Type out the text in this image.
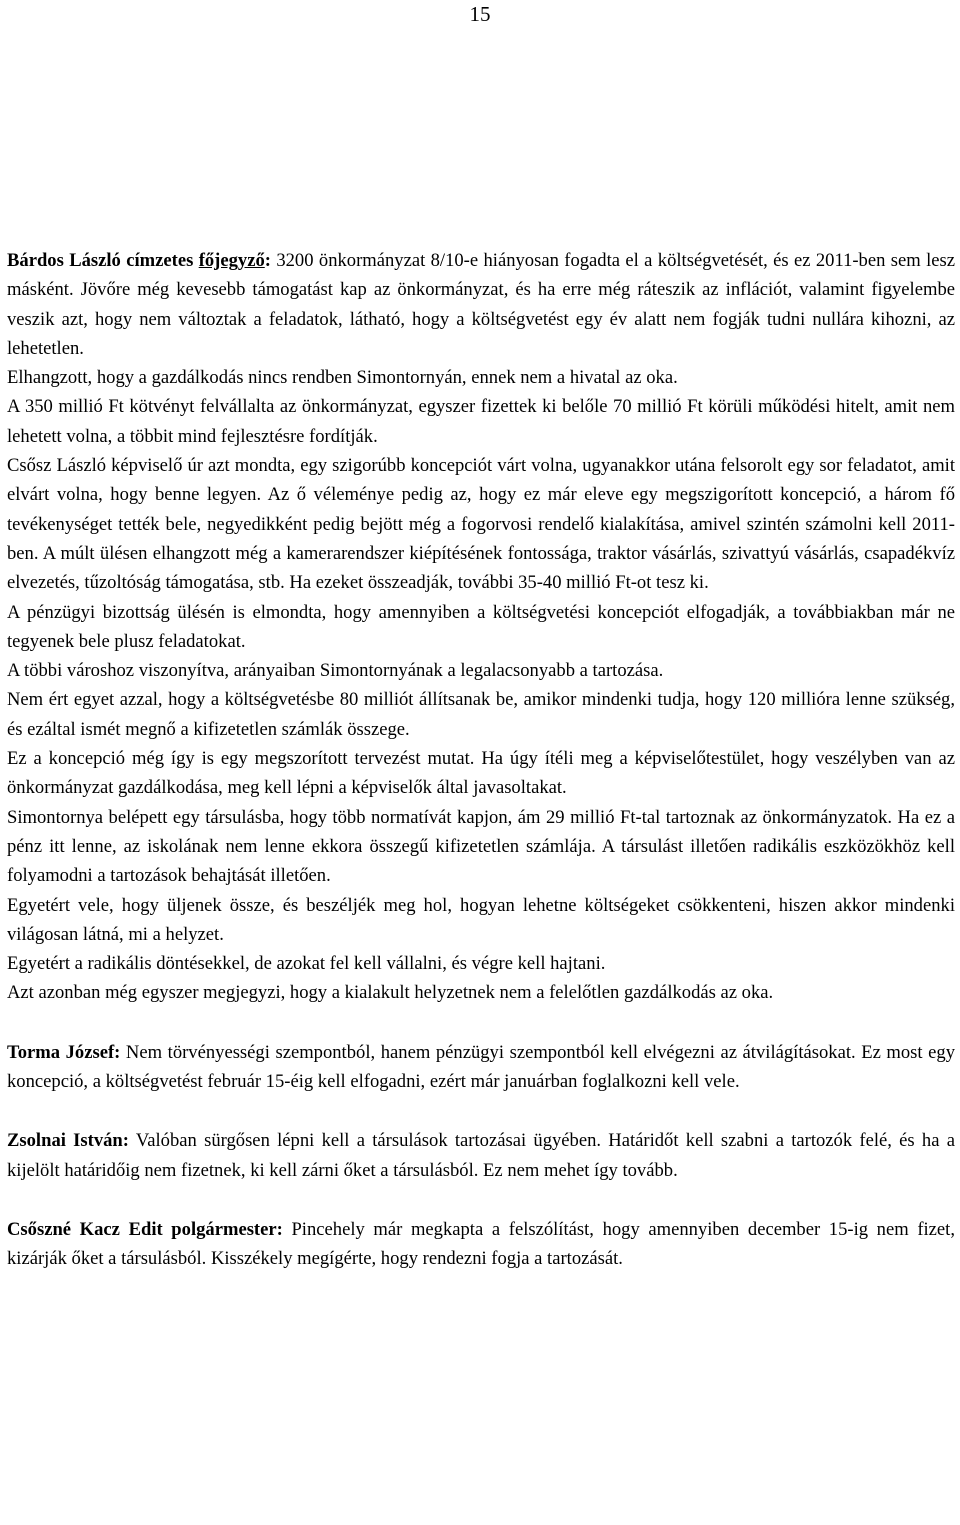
15

Bárdos László címzetes főjegyző: 3200 önkormányzat 8/10-e hiányosan fogadta el a költségvetését, és ez 2011-ben sem lesz másként. Jövőre még kevesebb támogatást kap az önkormányzat, és ha erre még ráteszik az inflációt, valamint figyelembe veszik azt, hogy nem változtak a feladatok, látható, hogy a költségvetést egy év alatt nem fogják tudni nullára kihozni, az lehetetlen.

Elhangzott, hogy a gazdálkodás nincs rendben Simontornyán, ennek nem a hivatal az oka.

A 350 millió Ft kötvényt felvállalta az önkormányzat, egyszer fizettek ki belőle 70 millió Ft körüli működési hitelt, amit nem lehetett volna, a többit mind fejlesztésre fordítják.

Csősz László képviselő úr azt mondta, egy szigorúbb koncepciót várt volna, ugyanakkor utána felsorolt egy sor feladatot, amit elvárt volna, hogy benne legyen. Az ő véleménye pedig az, hogy ez már eleve egy megszigorított koncepció, a három fő tevékenységet tették bele, negyedikként pedig bejött még a fogorvosi rendelő kialakítása, amivel szintén számolni kell 2011-ben. A múlt ülésen elhangzott még a kamerarendszer kiépítésének fontossága, traktor vásárlás, szivattyú vásárlás, csapadékvíz elvezetés, tűzoltóság támogatása, stb. Ha ezeket összeadják, további 35-40 millió Ft-ot tesz ki.

A pénzügyi bizottság ülésén is elmondta, hogy amennyiben a költségvetési koncepciót elfogadják, a továbbiakban már ne tegyenek bele plusz feladatokat.

A többi városhoz viszonyítva, arányaiban Simontornyának a legalacsonyabb a tartozása.

Nem ért egyet azzal, hogy a költségvetésbe 80 milliót állítsanak be, amikor mindenki tudja, hogy 120 millióra lenne szükség, és ezáltal ismét megnő a kifizetetlen számlák összege.

Ez a koncepció még így is egy megszorított tervezést mutat. Ha úgy ítéli meg a képviselőtestület, hogy veszélyben van az önkormányzat gazdálkodása, meg kell lépni a képviselők által javasoltakat.

Simontornya belépett egy társulásba, hogy több normatívát kapjon, ám 29 millió Ft-tal tartoznak az önkormányzatok. Ha ez a pénz itt lenne, az iskolának nem lenne ekkora összegű kifizetetlen számlája. A társulást illetően radikális eszközökhöz kell folyamodni a tartozások behajtását illetően.

Egyetért vele, hogy üljenek össze, és beszéljék meg hol, hogyan lehetne költségeket csökkenteni, hiszen akkor mindenki világosan látná, mi a helyzet.

Egyetért a radikális döntésekkel, de azokat fel kell vállalni, és végre kell hajtani.

Azt azonban még egyszer megjegyzi, hogy a kialakult helyzetnek nem a felelőtlen gazdálkodás az oka.

Torma József: Nem törvényességi szempontból, hanem pénzügyi szempontból kell elvégezni az átvilágításokat. Ez most egy koncepció, a költségvetést február 15-éig kell elfogadni, ezért már januárban foglalkozni kell vele.

Zsolnai István: Valóban sürgősen lépni kell a társulások tartozásai ügyében. Határidőt kell szabni a tartozók felé, és ha a kijelölt határidőig nem fizetnek, ki kell zárni őket a társulásból. Ez nem mehet így tovább.

Csőszné Kacz Edit polgármester: Pincehely már megkapta a felszólítást, hogy amennyiben december 15-ig nem fizet, kizárják őket a társulásból. Kisszékely megígérte, hogy rendezni fogja a tartozását.
